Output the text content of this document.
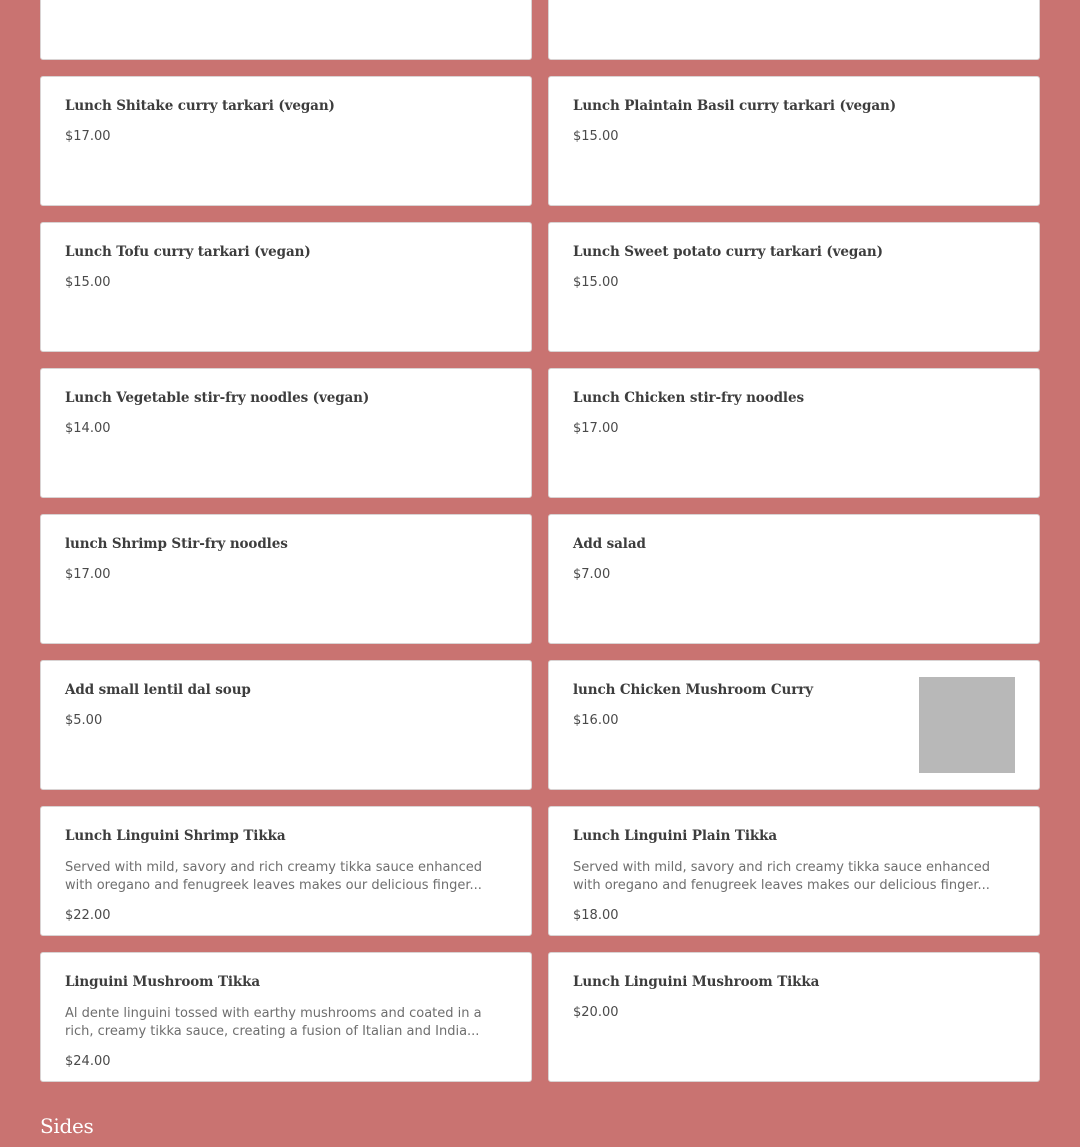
Lunch Shitake curry tarkari (vegan)
$17.00
Lunch Plaintain Basil curry tarkari (vegan)
$15.00
Lunch Tofu curry tarkari (vegan)
$15.00
Lunch Sweet potato curry tarkari (vegan)
$15.00
Lunch Vegetable stir-fry noodles (vegan)
$14.00
Lunch Chicken stir-fry noodles
$17.00
lunch Shrimp Stir-fry noodles
$17.00
Add salad
$7.00
Add small lentil dal soup
$5.00
lunch Chicken Mushroom Curry
$16.00
Lunch Linguini Shrimp Tikka
Served with mild, savory and rich creamy tikka sauce enhanced with oregano and fenugreek leaves makes our delicious finger...
$22.00
Lunch Linguini Plain Tikka
Served with mild, savory and rich creamy tikka sauce enhanced with oregano and fenugreek leaves makes our delicious finger...
$18.00
Linguini Mushroom Tikka
Al dente linguini tossed with earthy mushrooms and coated in a rich, creamy tikka sauce, creating a fusion of Italian and India...
$24.00
Lunch Linguini Mushroom Tikka
$20.00
Sides
